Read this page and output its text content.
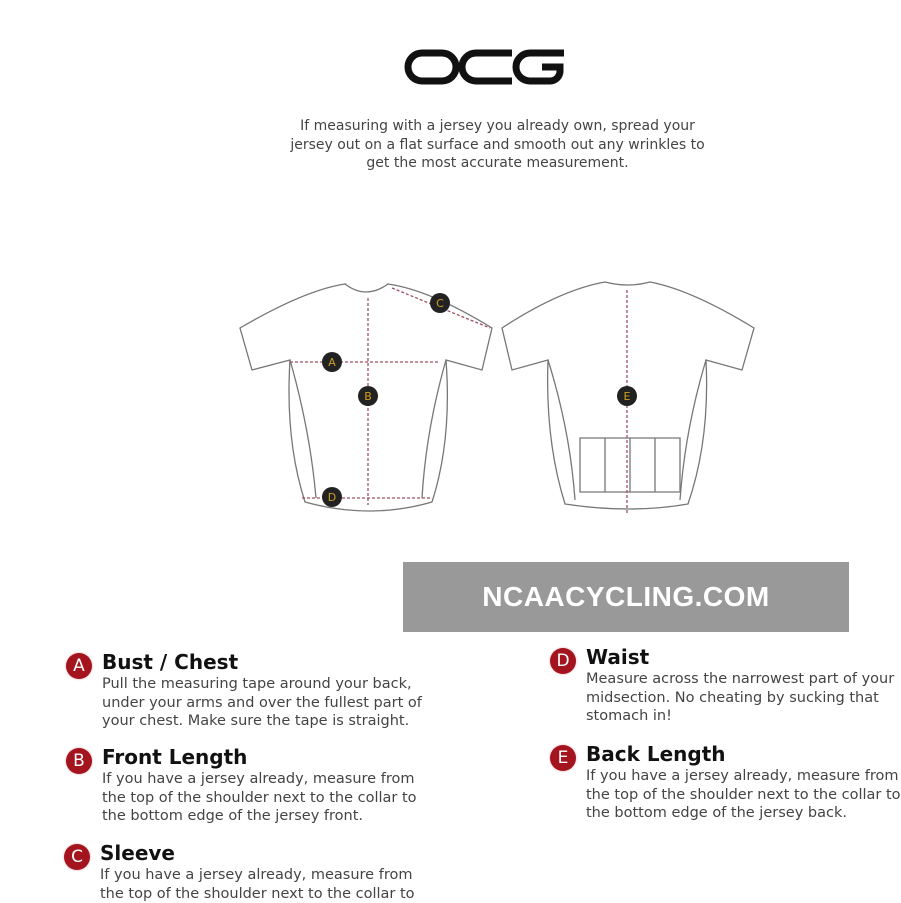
If measuring with a jersey you already own, spread your
jersey out on a flat surface and smooth out any wrinkles to
get the most accurate measurement.
A
B
C
D
E
A Bust / Chest
Pull the measuring tape around your back,
under your arms and over the fullest part of
your chest. Make sure the tape is straight.
B Front Length
If you have a jersey already, measure from
the top of the shoulder next to the collar to
the bottom edge of the jersey front.
C Sleeve
If you have a jersey already, measure from
the top of the shoulder next to the collar to
D Waist
Measure across the narrowest part of your
midsection. No cheating by sucking that
stomach in!
E Back Length
If you have a jersey already, measure from
the top of the shoulder next to the collar to
the bottom edge of the jersey back.
NCAACYCLING.COM
